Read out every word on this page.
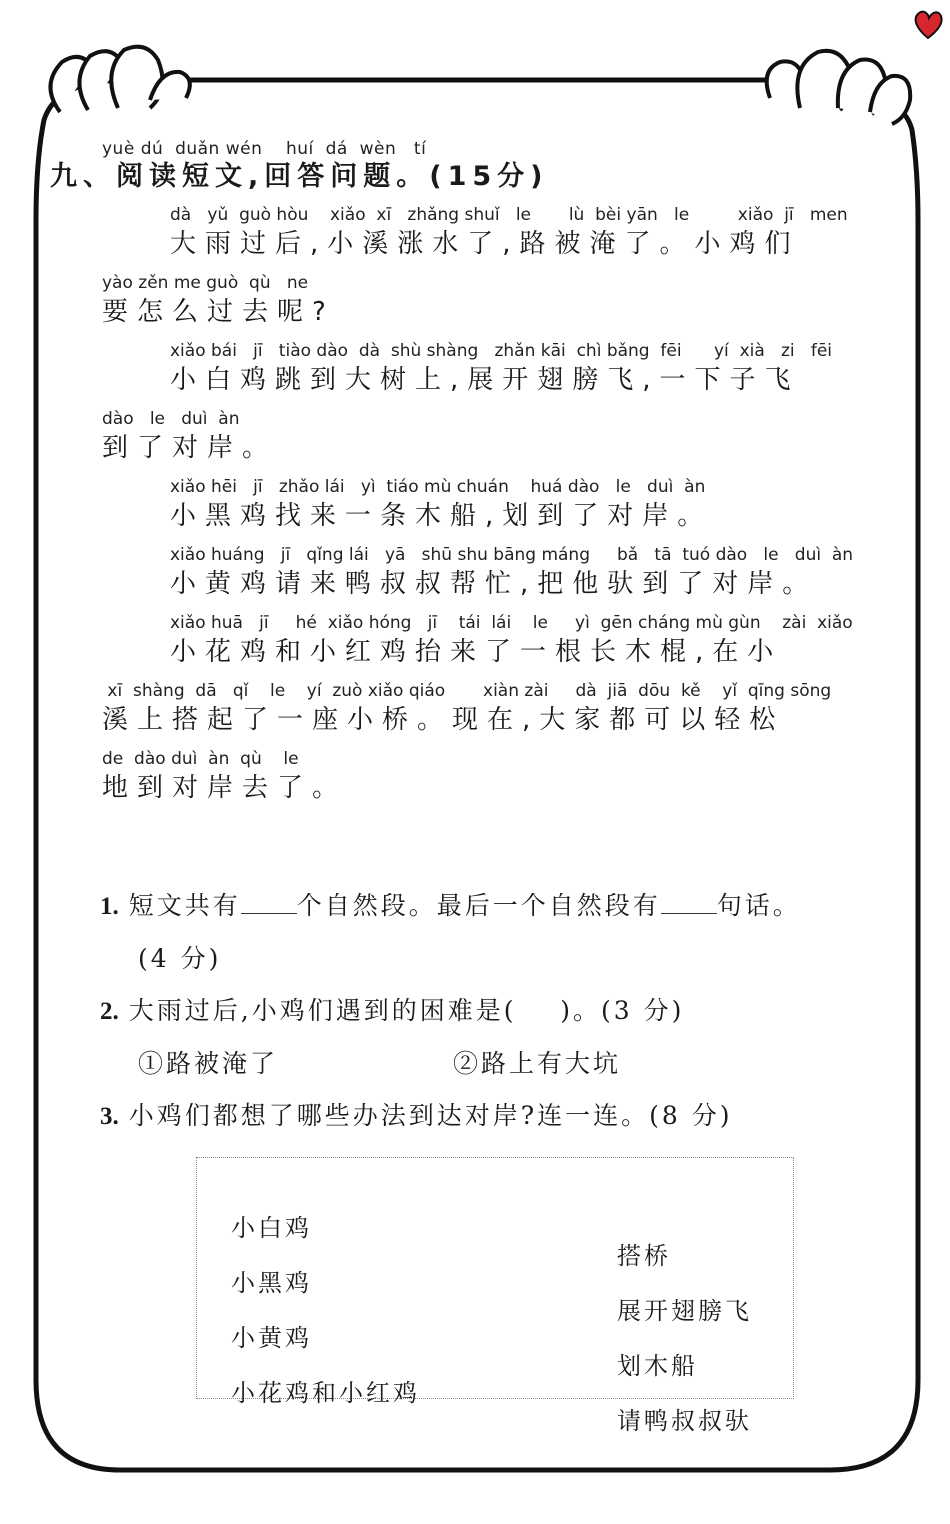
yuè dú  duǎn wén    huí  dá  wèn   tí
九、阅读短文,回答问题。(15分)
dà   yǔ  guò hòu    xiǎo  xī   zhǎng shuǐ   le       lù  bèi yān   le         xiǎo  jī   men
大雨过后,小溪涨水了,路被淹了。小鸡们
yào zěn me guò  qù   ne
要怎么过去呢?
xiǎo bái   jī   tiào dào  dà  shù shàng   zhǎn kāi  chì bǎng  fēi      yí  xià   zi   fēi
小白鸡跳到大树上,展开翅膀飞,一下子飞
dào   le   duì  àn
到了对岸。
xiǎo hēi   jī   zhǎo lái   yì  tiáo mù chuán    huá dào   le   duì  àn
小黑鸡找来一条木船,划到了对岸。
xiǎo huáng   jī   qǐng lái   yā   shū shu bāng máng     bǎ   tā  tuó dào   le   duì  àn
小黄鸡请来鸭叔叔帮忙,把他驮到了对岸。
xiǎo huā   jī     hé  xiǎo hóng   jī    tái  lái    le     yì  gēn cháng mù gùn    zài  xiǎo
小花鸡和小红鸡抬来了一根长木棍,在小
xī  shàng  dā   qǐ    le    yí  zuò xiǎo qiáo       xiàn zài     dà  jiā  dōu  kě    yǐ  qīng sōng
溪上搭起了一座小桥。现在,大家都可以轻松
de  dào duì  àn  qù    le
地到对岸去了。
1. 短文共有 个自然段。最后一个自然段有 句话。
(4 分)
2. 大雨过后,小鸡们遇到的困难是(    )。(3 分)
①路被淹了	②路上有大坑
3. 小鸡们都想了哪些办法到达对岸?连一连。(8 分)

小白鸡

搭桥

小黑鸡

展开翅膀飞

小黄鸡

划木船

小花鸡和小红鸡

请鸭叔叔驮
